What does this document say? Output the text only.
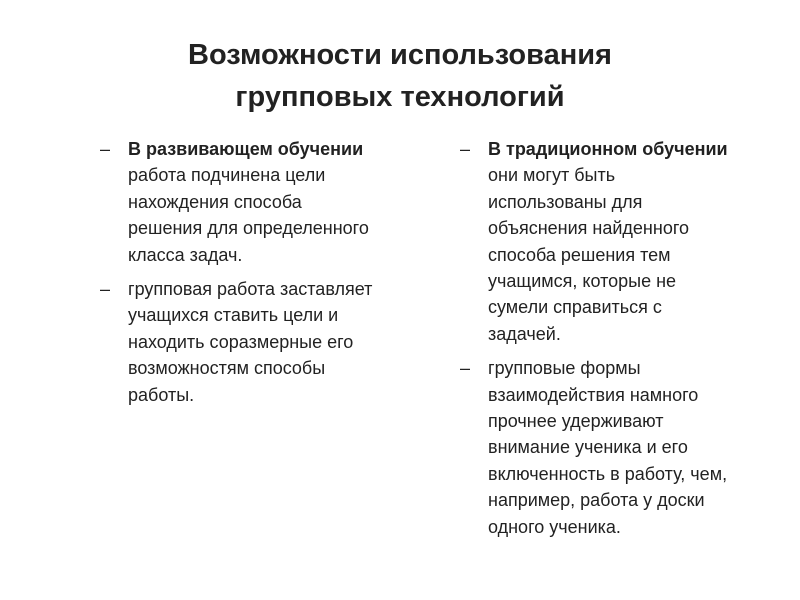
Возможности использования
групповых технологий
– В развивающем обучении работа подчинена цели нахождения способа решения для определенного класса задач.
– групповая работа заставляет учащихся ставить цели и находить соразмерные его возможностям способы работы.
– В традиционном обучении они могут быть использованы для объяснения найденного способа решения тем учащимся, которые не сумели справиться с задачей.
– групповые формы взаимодействия намного прочнее удерживают внимание ученика и его включенность в работу, чем, например, работа у доски одного ученика.
